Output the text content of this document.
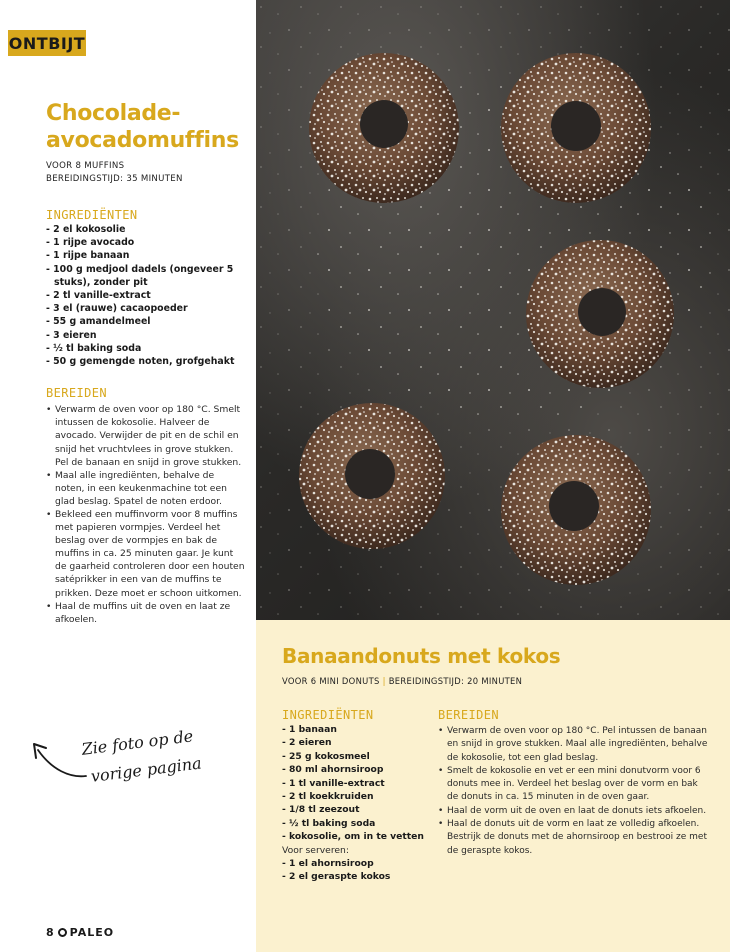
ONTBIJT
Chocolade-avocadomuffins
VOOR 8 MUFFINS
BEREIDINGSTIJD: 35 MINUTEN
INGREDIËNTEN
- 2 el kokosolie
- 1 rijpe avocado
- 1 rijpe banaan
- 100 g medjool dadels (ongeveer 5 stuks), zonder pit
- 2 tl vanille-extract
- 3 el (rauwe) cacaopoeder
- 55 g amandelmeel
- 3 eieren
- ½ tl baking soda
- 50 g gemengde noten, grofgehakt
BEREIDEN
• Verwarm de oven voor op 180 °C. Smelt intussen de kokosolie. Halveer de avocado. Verwijder de pit en de schil en snijd het vruchtvlees in grove stukken. Pel de banaan en snijd in grove stukken.
• Maal alle ingrediënten, behalve de noten, in een keukenmachine tot een glad beslag. Spatel de noten erdoor.
• Bekleed een muffinvorm voor 8 muffins met papieren vormpjes. Verdeel het beslag over de vormpjes en bak de muffins in ca. 25 minuten gaar. Je kunt de gaarheid controleren door een houten satéprikker in een van de muffins te prikken. Deze moet er schoon uitkomen.
• Haal de muffins uit de oven en laat ze afkoelen.
Zie foto op de
vorige pagina
8 PALEO
Banaandonuts met kokos
VOOR 6 MINI DONUTS | BEREIDINGSTIJD: 20 MINUTEN
INGREDIËNTEN
- 1 banaan
- 2 eieren
- 25 g kokosmeel
- 80 ml ahornsiroop
- 1 tl vanille-extract
- 2 tl koekkruiden
- 1/8 tl zeezout
- ½ tl baking soda
- kokosolie, om in te vetten
Voor serveren:
- 1 el ahornsiroop
- 2 el geraspte kokos
BEREIDEN
• Verwarm de oven voor op 180 °C. Pel intussen de banaan en snijd in grove stukken. Maal alle ingrediënten, behalve de kokosolie, tot een glad beslag.
• Smelt de kokosolie en vet er een mini donutvorm voor 6 donuts mee in. Verdeel het beslag over de vorm en bak de donuts in ca. 15 minuten in de oven gaar.
• Haal de vorm uit de oven en laat de donuts iets afkoelen.
• Haal de donuts uit de vorm en laat ze volledig afkoelen. Bestrijk de donuts met de ahornsiroop en bestrooi ze met de geraspte kokos.
